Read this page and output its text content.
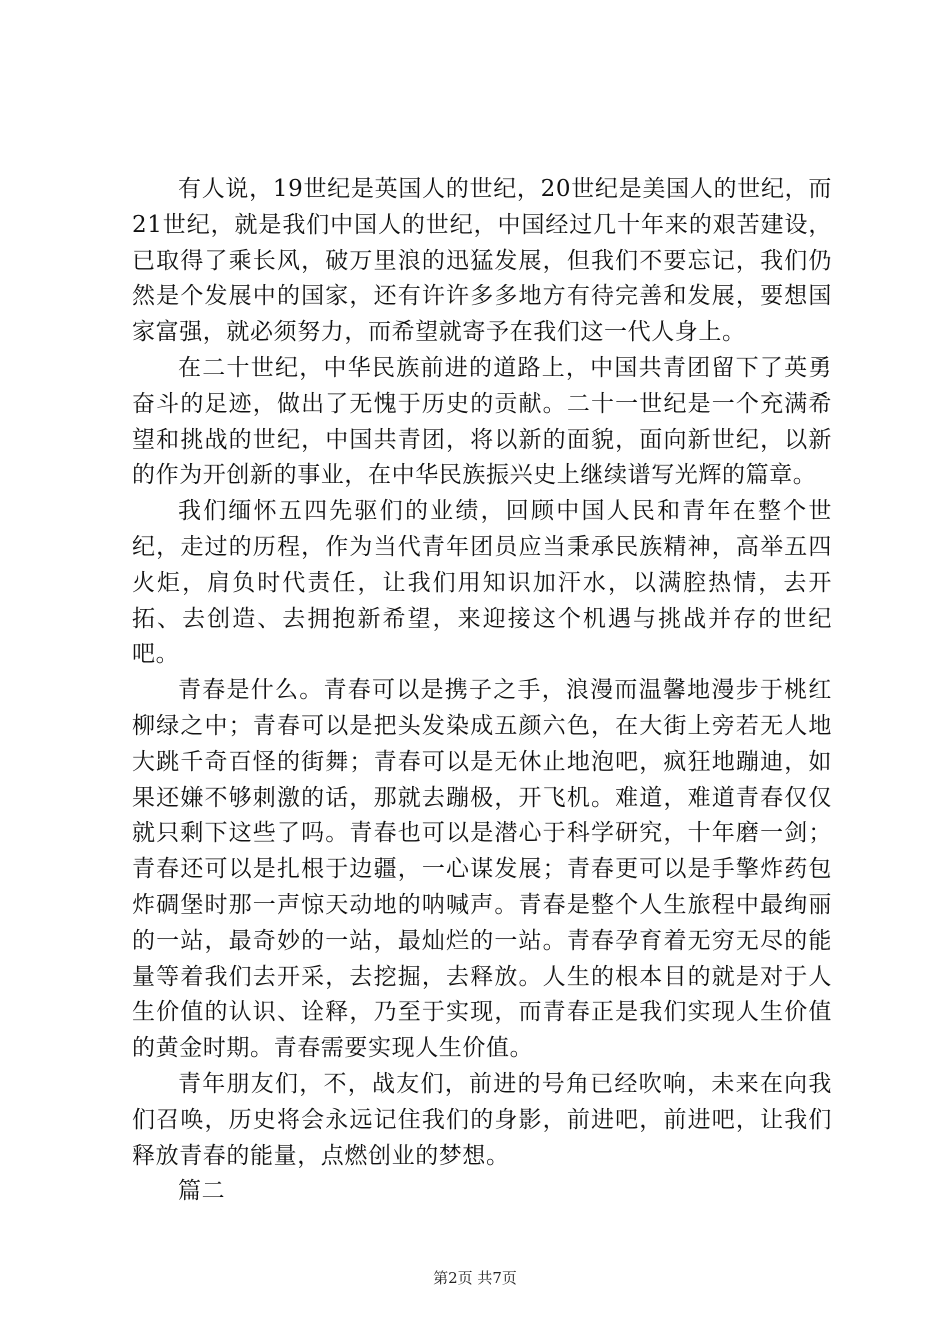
有人说，19世纪是英国人的世纪，20世纪是美国人的世纪，而21世纪，就是我们中国人的世纪，中国经过几十年来的艰苦建设，已取得了乘长风，破万里浪的迅猛发展，但我们不要忘记，我们仍然是个发展中的国家，还有许许多多地方有待完善和发展，要想国家富强，就必须努力，而希望就寄予在我们这一代人身上。

在二十世纪，中华民族前进的道路上，中国共青团留下了英勇奋斗的足迹，做出了无愧于历史的贡献。二十一世纪是一个充满希望和挑战的世纪，中国共青团，将以新的面貌，面向新世纪，以新的作为开创新的事业，在中华民族振兴史上继续谱写光辉的篇章。

我们缅怀五四先驱们的业绩，回顾中国人民和青年在整个世纪，走过的历程，作为当代青年团员应当秉承民族精神，高举五四火炬，肩负时代责任，让我们用知识加汗水，以满腔热情，去开拓、去创造、去拥抱新希望，来迎接这个机遇与挑战并存的世纪吧。

青春是什么。青春可以是携子之手，浪漫而温馨地漫步于桃红柳绿之中；青春可以是把头发染成五颜六色，在大街上旁若无人地大跳千奇百怪的街舞；青春可以是无休止地泡吧，疯狂地蹦迪，如果还嫌不够刺激的话，那就去蹦极，开飞机。难道，难道青春仅仅就只剩下这些了吗。青春也可以是潜心于科学研究，十年磨一剑；青春还可以是扎根于边疆，一心谋发展；青春更可以是手擎炸药包炸碉堡时那一声惊天动地的呐喊声。青春是整个人生旅程中最绚丽的一站，最奇妙的一站，最灿烂的一站。青春孕育着无穷无尽的能量等着我们去开采，去挖掘，去释放。人生的根本目的就是对于人生价值的认识、诠释，乃至于实现，而青春正是我们实现人生价值的黄金时期。青春需要实现人生价值。

青年朋友们，不，战友们，前进的号角已经吹响，未来在向我们召唤，历史将会永远记住我们的身影，前进吧，前进吧，让我们释放青春的能量，点燃创业的梦想。

篇二

第2页 共7页
